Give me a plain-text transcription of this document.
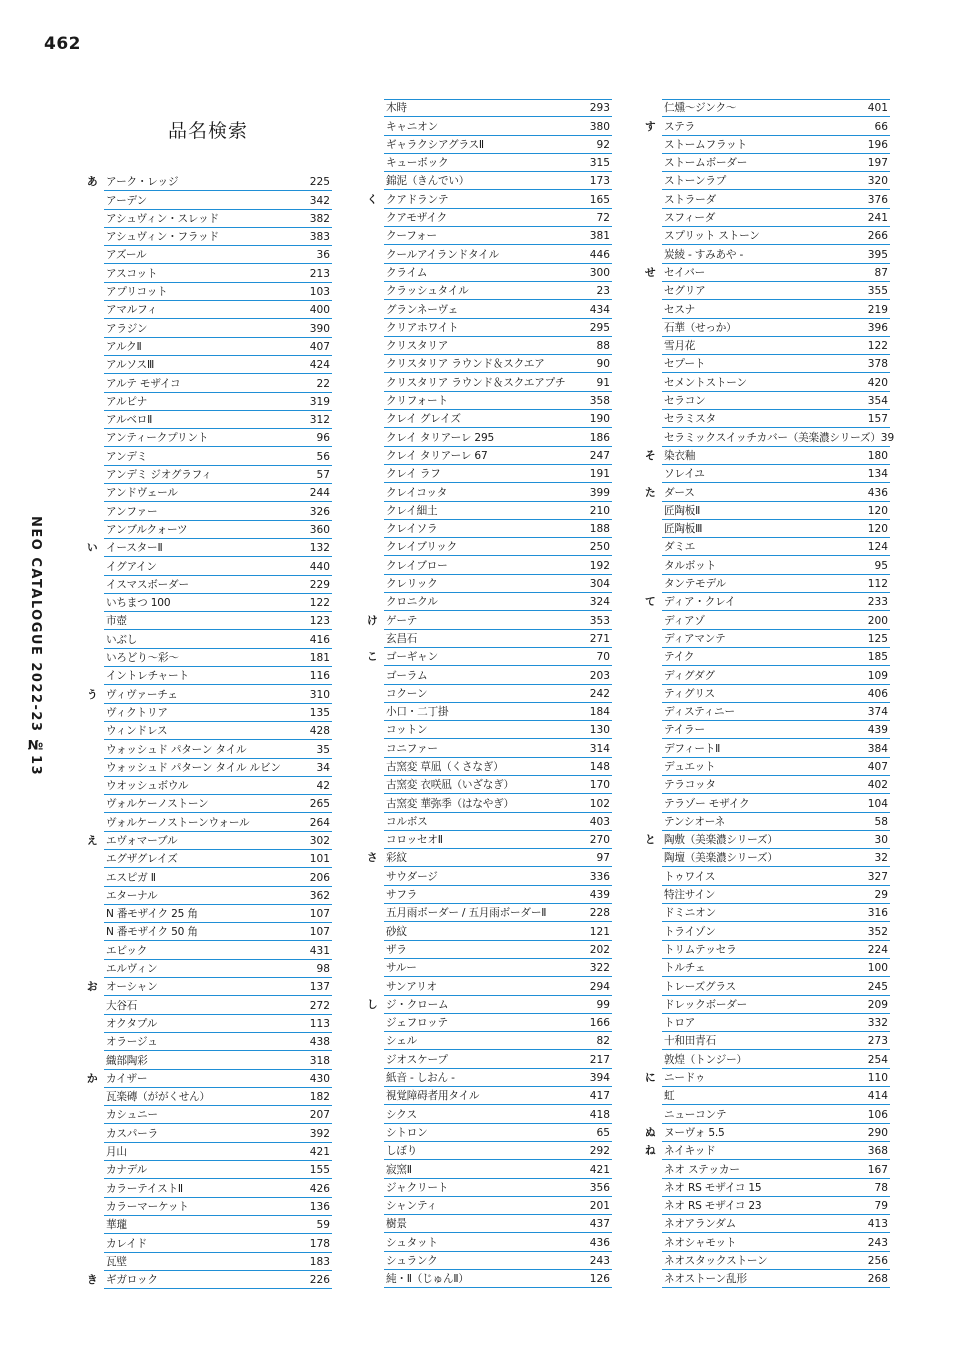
462
NEO CATALOGUE 2022-23 №13
品名検索
あ アーク・レッジ	225
アーデン	342
アシュヴィン・スレッド	382
アシュヴィン・フラッド	383
アズール	36
アスコット	213
アプリコット	103
アマルフィ	400
アラジン	390
アルクⅡ	407
アルソスⅢ	424
アルテ モザイコ	22
アルピナ	319
アルベロⅡ	312
アンティークプリント	96
アンデミ	56
アンデミ ジオグラフィ	57
アンドヴェール	244
アンファー	326
アンブルクォーツ	360
い イースターⅡ	132
イグアイン	440
イスマスボーダー	229
いちまつ 100	122
市壺	123
いぶし	416
いろどり〜彩〜	181
イントレチャート	116
う ヴィヴァーチェ	310
ヴィクトリア	135
ウィンドレス	428
ウォッシュド パターン タイル	35
ウォッシュド パターン タイル ルビン	34
ウオッシュボウル	42
ヴォルケーノストーン	265
ヴォルケーノストーンウォール	264
え エヴォマーブル	302
エグザグレイズ	101
エスピガ Ⅱ	206
エターナル	362
N 番モザイク 25 角	107
N 番モザイク 50 角	107
エピック	431
エルヴィン	98
お オーシャン	137
大谷石	272
オクタプル	113
オラージュ	438
織部陶彩	318
か カイザー	430
瓦楽磚（ががくせん）	182
カシュニー	207
カスパーラ	392
月山	421
カナデル	155
カラーテイストⅡ	426
カラーマーケット	136
華瓏	59
カレイド	178
瓦壁	183
き ギガロック	226
木時	293
キャニオン	380
ギャラクシアグラスⅡ	92
キューボック	315
錦泥（きんでい）	173
く クアドランテ	165
クアモザイク	72
クーフォー	381
クールアイランドタイル	446
クライム	300
クラッシュタイル	23
グランネーヴェ	434
クリアホワイト	295
クリスタリア	88
クリスタリア ラウンド＆スクエア	90
クリスタリア ラウンド＆スクエアプチ	91
クリフォート	358
クレイ グレイズ	190
クレイ タリアーレ 295	186
クレイ タリアーレ 67	247
クレイ ラフ	191
クレイコッタ	399
クレイ細土	210
クレイソラ	188
クレイブリック	250
クレイブロー	192
クレリック	304
クロニクル	324
け ゲーテ	353
玄昌石	271
こ ゴーギャン	70
ゴーラム	203
コクーン	242
小口・二丁掛	184
コットン	130
コニファー	314
古窯変 草凪（くさなぎ）	148
古窯変 衣咲凪（いざなぎ）	170
古窯変 華弥季（はなやぎ）	102
コルボス	403
コロッセオⅡ	270
さ 彩紋	97
サウダージ	336
サフラ	439
五月雨ボーダー / 五月雨ボーダーⅡ	228
砂紋	121
ザラ	202
サルー	322
サンアリオ	294
し ジ・クローム	99
ジェフロッテ	166
シェル	82
ジオスケープ	217
紙音 - しおん -	394
視覚障碍者用タイル	417
シクス	418
シトロン	65
しぼり	292
寂窯Ⅱ	421
ジャクリート	356
シャンティ	201
樹景	437
シュタット	436
シュランク	243
純・Ⅱ（じゅんⅡ）	126
仁燻〜ジンク〜	401
す ステラ	66
ストームフラット	196
ストームボーダー	197
ストーンラプ	320
ストラーダ	376
スフィーダ	241
スプリット ストーン	266
炭綾 - すみあや -	395
せ セイバー	87
セグリア	355
セスナ	219
石華（せっか）	396
雪月花	122
セプート	378
セメントストーン	420
セラコン	354
セラミスタ	157
セラミックスイッチカバー（美楽濃シリーズ） 39
そ 染衣釉	180
ソレイユ	134
た ダース	436
匠陶板Ⅱ	120
匠陶板Ⅲ	120
ダミエ	124
タルボット	95
タンテモデル	112
て ディア・クレイ	233
ディアゾ	200
ディアマンテ	125
テイク	185
ディグダグ	109
ティグリス	406
ディスティニー	374
テイラー	439
デフィートⅡ	384
デュエット	407
テラコッタ	402
テラゾー モザイク	104
テンシオーネ	58
と 陶敷（美楽濃シリーズ）	30
陶壇（美楽濃シリーズ）	32
トゥワイス	327
特注サイン	29
ドミニオン	316
トライゾン	352
トリムテッセラ	224
トルチェ	100
トレーズグラス	245
ドレックボーダー	209
トロア	332
十和田青石	273
敦煌（トンジー）	254
に ニードゥ	110
虹	414
ニューコンテ	106
ぬ ヌーヴォ 5.5	290
ね ネイキッド	368
ネオ ステッカー	167
ネオ RS モザイコ 15	78
ネオ RS モザイコ 23	79
ネオアランダム	413
ネオシャモット	243
ネオスタックストーン	256
ネオストーン乱形	268
